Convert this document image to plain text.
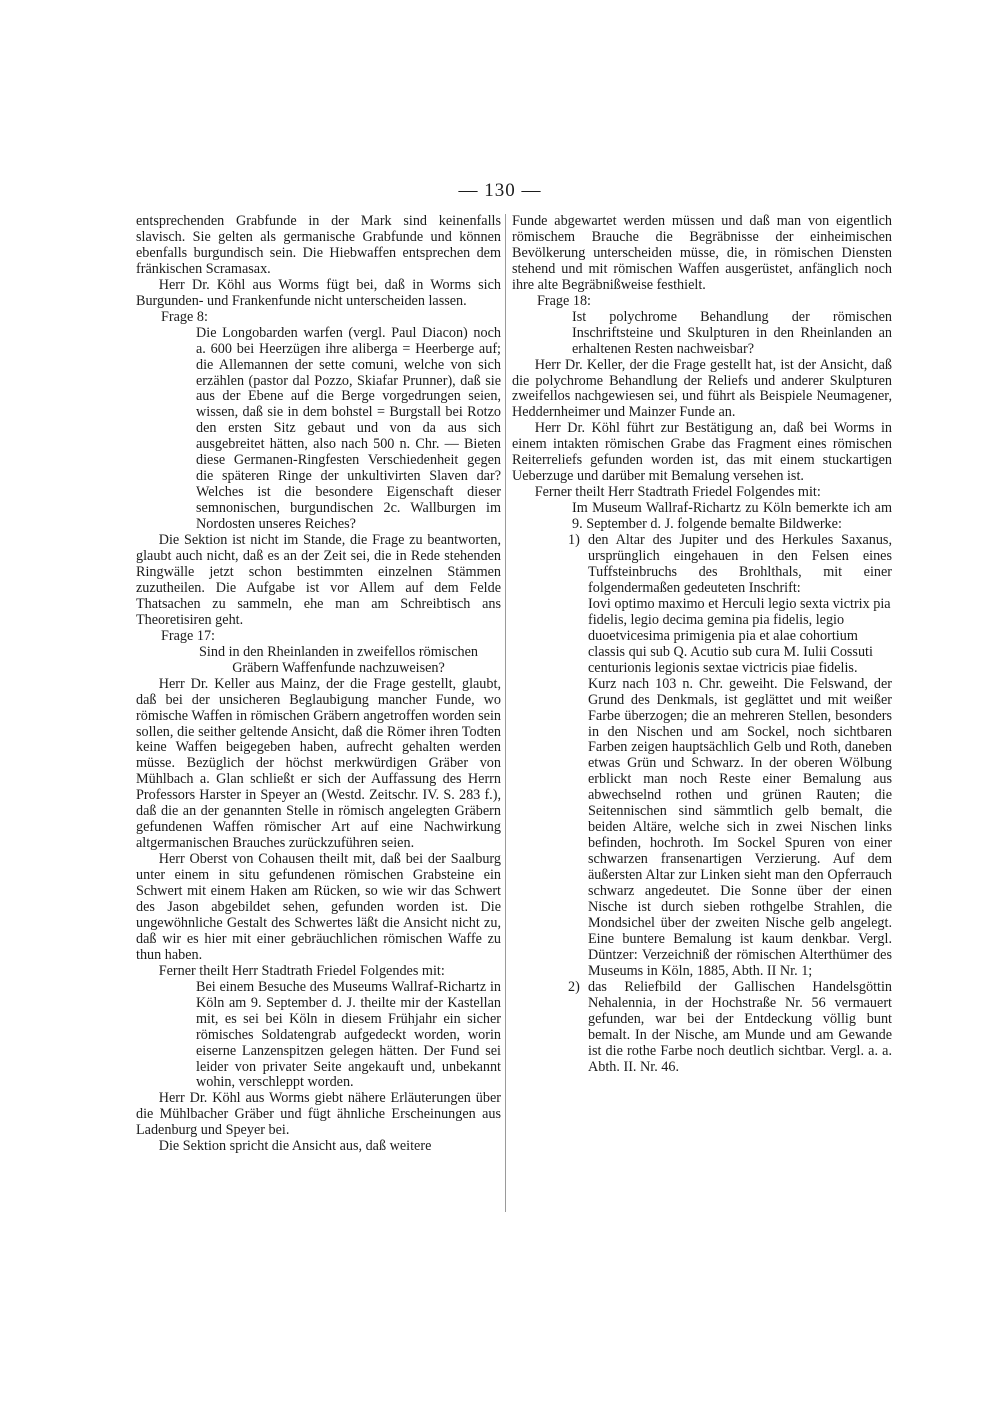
— 130 —

entsprechenden Grabfunde in der Mark sind keinenfalls slavisch. Sie gelten als germanische Grabfunde und können ebenfalls burgundisch sein. Die Hiebwaffen entsprechen dem fränkischen Scramasax.

Herr Dr. Köhl aus Worms fügt bei, daß in Worms sich Burgunden- und Frankenfunde nicht unterscheiden lassen.

Frage 8:

Die Longobarden warfen (vergl. Paul Diacon) noch a. 600 bei Heerzügen ihre aliberga = Heerberge auf; die Allemannen der sette comuni, welche von sich erzählen (pastor dal Pozzo, Skiafar Prunner), daß sie aus der Ebene auf die Berge vorgedrungen seien, wissen, daß sie in dem bohstel = Burgstall bei Rotzo den ersten Sitz gebaut und von da aus sich ausgebreitet hätten, also nach 500 n. Chr. — Bieten diese Germanen-Ringfesten Verschiedenheit gegen die späteren Ringe der unkultivirten Slaven dar? Welches ist die besondere Eigenschaft dieser semnonischen, burgundischen 2c. Wallburgen im Nordosten unseres Reiches?

Die Sektion ist nicht im Stande, die Frage zu beantworten, glaubt auch nicht, daß es an der Zeit sei, die in Rede stehenden Ringwälle jetzt schon bestimmten einzelnen Stämmen zuzutheilen. Die Aufgabe ist vor Allem auf dem Felde Thatsachen zu sammeln, ehe man am Schreibtisch ans Theoretisiren geht.

Frage 17:

Sind in den Rheinlanden in zweifellos römischen Gräbern Waffenfunde nachzuweisen?

Herr Dr. Keller aus Mainz, der die Frage gestellt, glaubt, daß bei der unsicheren Beglaubigung mancher Funde, wo römische Waffen in römischen Gräbern angetroffen worden sein sollen, die seither geltende Ansicht, daß die Römer ihren Todten keine Waffen beigegeben haben, aufrecht gehalten werden müsse. Bezüglich der höchst merkwürdigen Gräber von Mühlbach a. Glan schließt er sich der Auffassung des Herrn Professors Harster in Speyer an (Westd. Zeitschr. IV. S. 283 f.), daß die an der genannten Stelle in römisch angelegten Gräbern gefundenen Waffen römischer Art auf eine Nachwirkung altgermanischen Brauches zurückzuführen seien.

Herr Oberst von Cohausen theilt mit, daß bei der Saalburg unter einem in situ gefundenen römischen Grabsteine ein Schwert mit einem Haken am Rücken, so wie wir das Schwert des Jason abgebildet sehen, gefunden worden ist. Die ungewöhnliche Gestalt des Schwertes läßt die Ansicht nicht zu, daß wir es hier mit einer gebräuchlichen römischen Waffe zu thun haben.

Ferner theilt Herr Stadtrath Friedel Folgendes mit:

Bei einem Besuche des Museums Wallraf-Richartz in Köln am 9. September d. J. theilte mir der Kastellan mit, es sei bei Köln in diesem Frühjahr ein sicher römisches Soldatengrab aufgedeckt worden, worin eiserne Lanzenspitzen gelegen hätten. Der Fund sei leider von privater Seite angekauft und, unbekannt wohin, verschleppt worden.

Herr Dr. Köhl aus Worms giebt nähere Erläuterungen über die Mühlbacher Gräber und fügt ähnliche Erscheinungen aus Ladenburg und Speyer bei.

Die Sektion spricht die Ansicht aus, daß weitere

Funde abgewartet werden müssen und daß man von eigentlich römischem Brauche die Begräbnisse der einheimischen Bevölkerung unterscheiden müsse, die, in römischen Diensten stehend und mit römischen Waffen ausgerüstet, anfänglich noch ihre alte Begräbnißweise festhielt.

Frage 18:

Ist polychrome Behandlung der römischen Inschriftsteine und Skulpturen in den Rheinlanden an erhaltenen Resten nachweisbar?

Herr Dr. Keller, der die Frage gestellt hat, ist der Ansicht, daß die polychrome Behandlung der Reliefs und anderer Skulpturen zweifellos nachgewiesen sei, und führt als Beispiele Neumagener, Heddernheimer und Mainzer Funde an.

Herr Dr. Köhl führt zur Bestätigung an, daß bei Worms in einem intakten römischen Grabe das Fragment eines römischen Reiterreliefs gefunden worden ist, das mit einem stuckartigen Ueberzuge und darüber mit Bemalung versehen ist.

Ferner theilt Herr Stadtrath Friedel Folgendes mit:

Im Museum Wallraf-Richartz zu Köln bemerkte ich am 9. September d. J. folgende bemalte Bildwerke:

1) den Altar des Jupiter und des Herkules Saxanus, ursprünglich eingehauen in den Felsen eines Tuffsteinbruchs des Brohlthals, mit einer folgendermaßen gedeuteten Inschrift:

Iovi optimo maximo et Herculi legio sexta victrix pia fidelis, legio decima gemina pia fidelis, legio duoetvicesima primigenia pia et alae cohortium classis qui sub Q. Acutio sub cura M. Iulii Cossuti centurionis legionis sextae victricis piae fidelis.

Kurz nach 103 n. Chr. geweiht. Die Felswand, der Grund des Denkmals, ist geglättet und mit weißer Farbe überzogen; die an mehreren Stellen, besonders in den Nischen und am Sockel, noch sichtbaren Farben zeigen hauptsächlich Gelb und Roth, daneben etwas Grün und Schwarz. In der oberen Wölbung erblickt man noch Reste einer Bemalung aus abwechselnd rothen und grünen Rauten; die Seitennischen sind sämmtlich gelb bemalt, die beiden Altäre, welche sich in zwei Nischen links befinden, hochroth. Im Sockel Spuren von einer schwarzen fransenartigen Verzierung. Auf dem äußersten Altar zur Linken sieht man den Opferrauch schwarz angedeutet. Die Sonne über der einen Nische ist durch sieben rothgelbe Strahlen, die Mondsichel über der zweiten Nische gelb angelegt. Eine buntere Bemalung ist kaum denkbar. Vergl. Düntzer: Verzeichniß der römischen Alterthümer des Museums in Köln, 1885, Abth. II Nr. 1;

2) das Reliefbild der Gallischen Handelsgöttin Nehalennia, in der Hochstraße Nr. 56 vermauert gefunden, war bei der Entdeckung völlig bunt bemalt. In der Nische, am Munde und am Gewande ist die rothe Farbe noch deutlich sichtbar. Vergl. a. a. Abth. II. Nr. 46.
